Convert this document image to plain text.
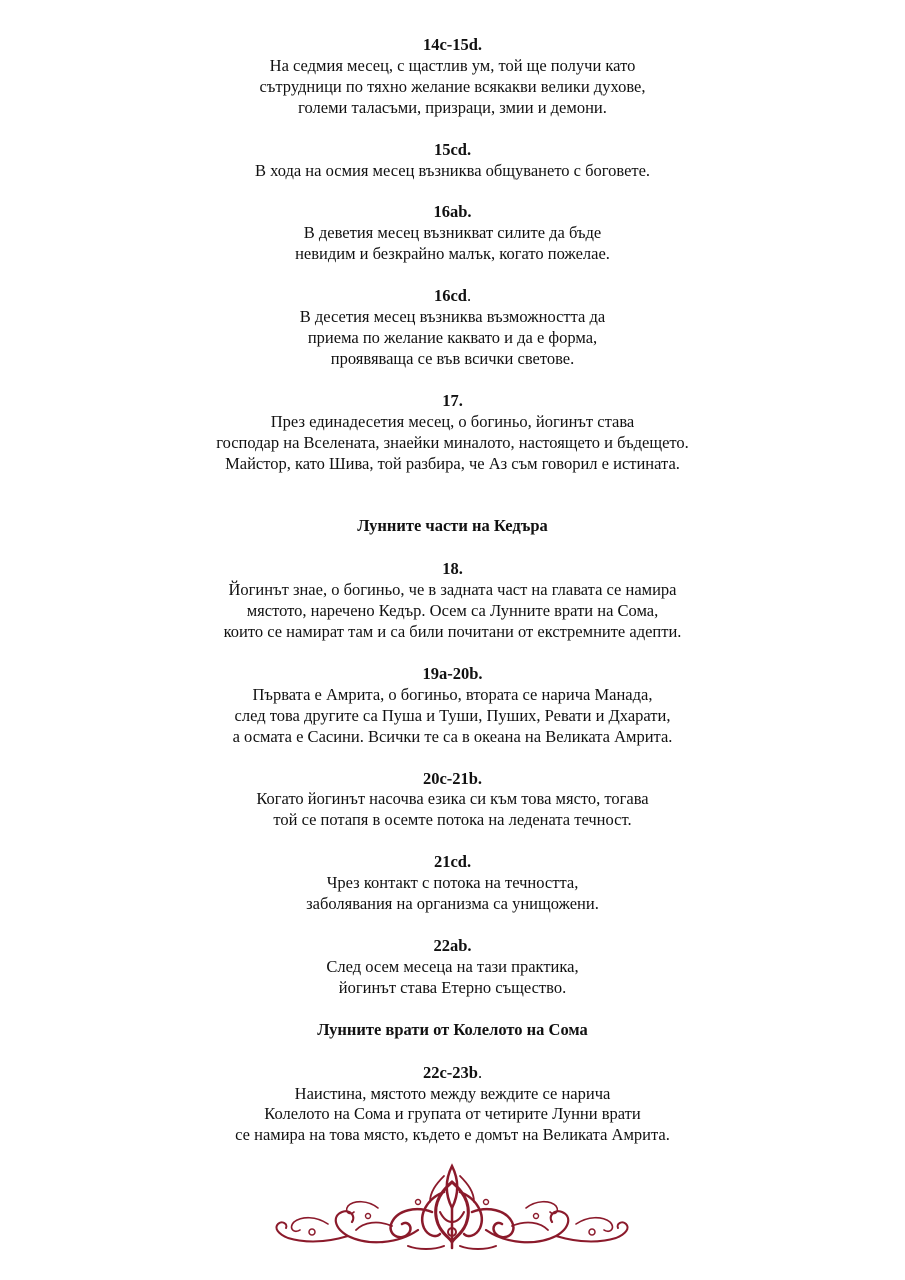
14c-15d.
На седмия месец, с щастлив ум, той ще получи като
сътрудници по тяхно желание всякакви велики духове,
големи таласъми, призраци, змии и демони.
15cd.
В хода на осмия месец възниква общуването с боговете.
16ab.
В деветия месец възникват силите да бъде
невидим и безкрайно малък, когато пожелае.
16cd.
В десетия месец възниква възможността да
приема по желание каквато и да е форма,
проявяваща се във всички светове.
17.
През единадесетия месец, о богиньо, йогинът става
господар на Вселената, знаейки миналото, настоящето и бъдещето.
Майстор, като Шива, той разбира, че Аз съм говорил е истината.
Лунните части на Кедъра
18.
Йогинът знае, о богиньо, че в задната част на главата се намира
мястото, наречено Кедър. Осем са Лунните врати на Сома,
които се намират там и са били почитани от екстремните адепти.
19a-20b.
Първата е Амрита, о богиньо, втората се нарича Манада,
след това другите са Пуша и Туши, Пуших, Ревати и Дхарати,
а осмата е Сасини. Всички те са в океана на Великата Амрита.
20c-21b.
Когато йогинът насочва езика си към това място, тогава
той се потапя в осемте потока на ледената течност.
21cd.
Чрез контакт с потока на течността,
заболявания на организма са унищожени.
22ab.
След осем месеца на тази практика,
йогинът става Етерно същество.
Лунните врати от Колелото на Сома
22c-23b.
Наистина, мястото между веждите се нарича
Колелото на Сома и групата от четирите Лунни врати
се намира на това място, където е домът на Великата Амрита.
